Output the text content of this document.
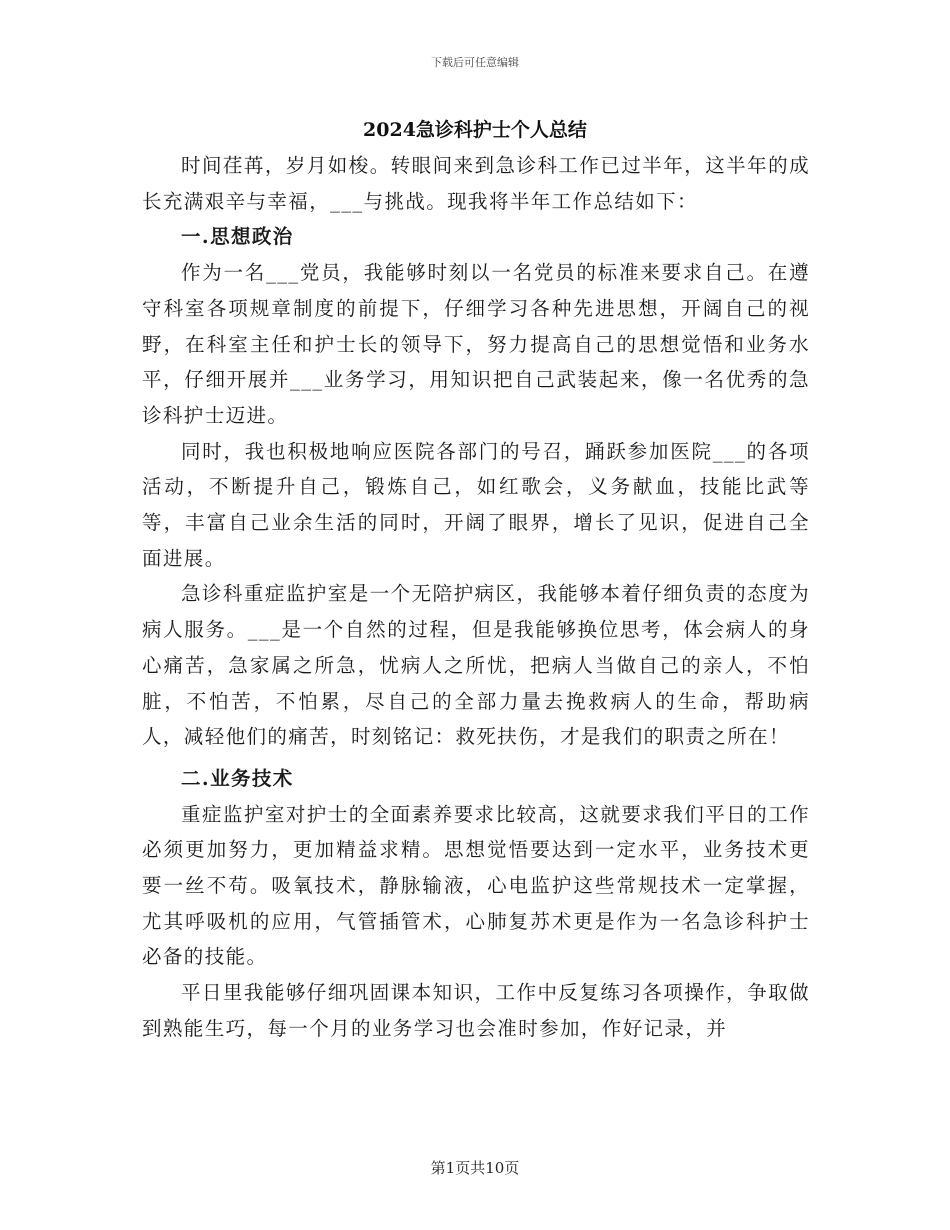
下载后可任意编辑
2024急诊科护士个人总结

时间荏苒，岁月如梭。转眼间来到急诊科工作已过半年，这半年的成长充满艰辛与幸福，___与挑战。现我将半年工作总结如下：

一.思想政治

作为一名___党员，我能够时刻以一名党员的标准来要求自己。在遵守科室各项规章制度的前提下，仔细学习各种先进思想，开阔自己的视野，在科室主任和护士长的领导下，努力提高自己的思想觉悟和业务水平，仔细开展并___业务学习，用知识把自己武装起来，像一名优秀的急诊科护士迈进。

同时，我也积极地响应医院各部门的号召，踊跃参加医院___的各项活动，不断提升自己，锻炼自己，如红歌会，义务献血，技能比武等等，丰富自己业余生活的同时，开阔了眼界，增长了见识，促进自己全面进展。

急诊科重症监护室是一个无陪护病区，我能够本着仔细负责的态度为病人服务。___是一个自然的过程，但是我能够换位思考，体会病人的身心痛苦，急家属之所急，忧病人之所忧，把病人当做自己的亲人，不怕脏，不怕苦，不怕累，尽自己的全部力量去挽救病人的生命，帮助病人，减轻他们的痛苦，时刻铭记：救死扶伤，才是我们的职责之所在！

二.业务技术

重症监护室对护士的全面素养要求比较高，这就要求我们平日的工作必须更加努力，更加精益求精。思想觉悟要达到一定水平，业务技术更要一丝不苟。吸氧技术，静脉输液，心电监护这些常规技术一定掌握，尤其呼吸机的应用，气管插管术，心肺复苏术更是作为一名急诊科护士必备的技能。

平日里我能够仔细巩固课本知识，工作中反复练习各项操作，争取做到熟能生巧，每一个月的业务学习也会准时参加，作好记录，并

第1页共10页
